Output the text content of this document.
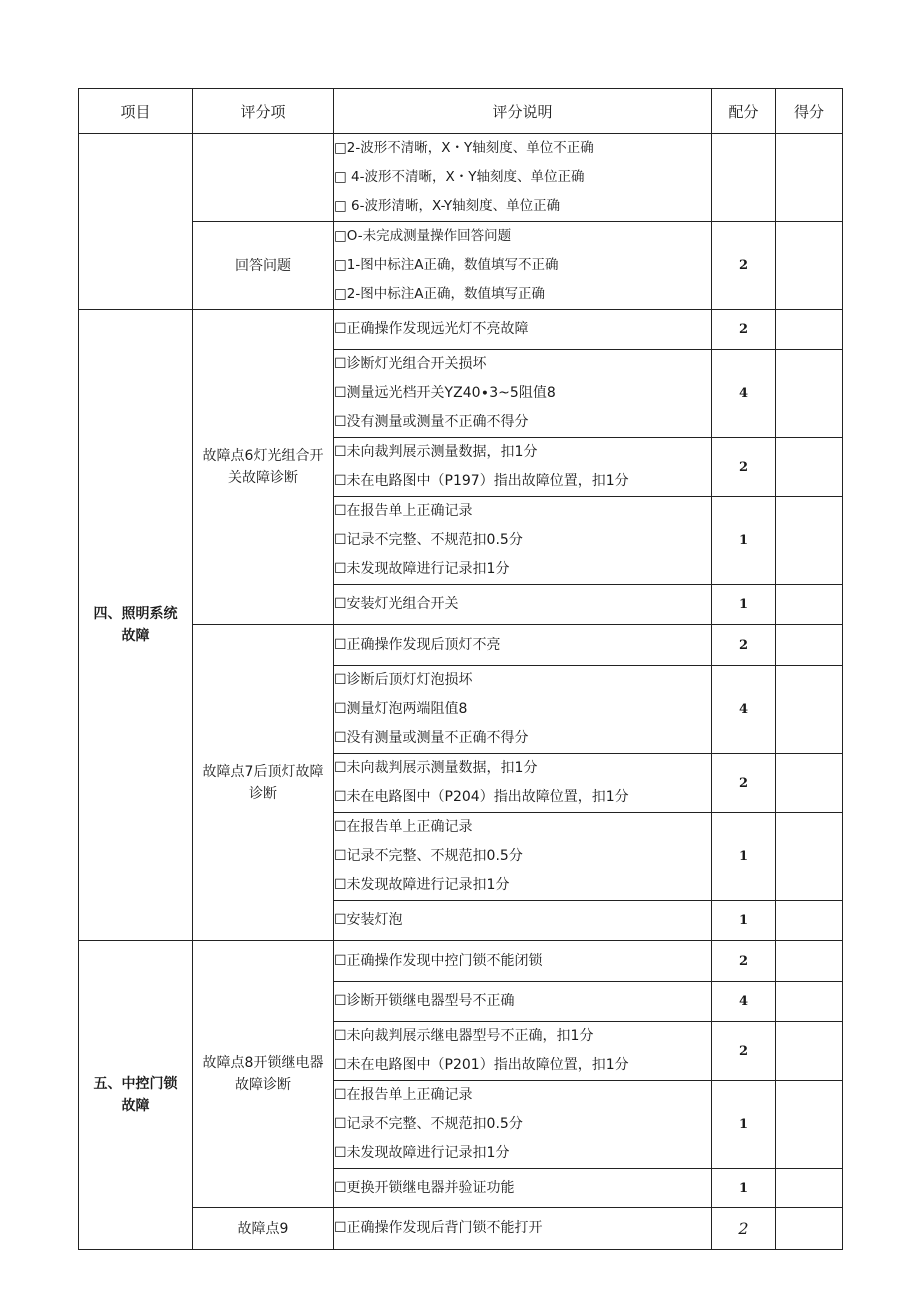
项目	评分项	评分说明	配分	得分

		□2-波形不清晰，X・Y轴刻度、单位不正确
□ 4-波形不清晰，X・Y轴刻度、单位正确
□ 6-波形清晰，X-Y轴刻度、单位正确		

	回答问题	□O-未完成测量操作回答问题
□1-图中标注A正确，数值填写不正确
□2-图中标注A正确，数值填写正确	2	

四、照明系统故障	故障点6灯光组合开关故障诊断	☐正确操作发现远光灯不亮故障	2	

		☐诊断灯光组合开关损坏
☐测量远光档开关YZ40∙3~5阻值8
☐没有测量或测量不正确不得分	4	

		☐未向裁判展示测量数据，扣1分
☐未在电路图中（P197）指出故障位置，扣1分	2	

		☐在报告单上正确记录
☐记录不完整、不规范扣0.5分
☐未发现故障进行记录扣1分	1	

		☐安装灯光组合开关	1	

	故障点7后顶灯故障诊断	☐正确操作发现后顶灯不亮	2	

		☐诊断后顶灯灯泡损坏
☐测量灯泡两端阻值8
☐没有测量或测量不正确不得分	4	

		☐未向裁判展示测量数据，扣1分
☐未在电路图中（P204）指出故障位置，扣1分	2	

		☐在报告单上正确记录
☐记录不完整、不规范扣0.5分
☐未发现故障进行记录扣1分	1	

		☐安装灯泡	1	

五、中控门锁故障	故障点8开锁继电器故障诊断	☐正确操作发现中控门锁不能闭锁	2	

		☐诊断开锁继电器型号不正确	4	

		☐未向裁判展示继电器型号不正确，扣1分
☐未在电路图中（P201）指出故障位置，扣1分	2	

		☐在报告单上正确记录
☐记录不完整、不规范扣0.5分
☐未发现故障进行记录扣1分	1	

		☐更换开锁继电器并验证功能	1	
	故障点9	☐正确操作发现后背门锁不能打开	2	
